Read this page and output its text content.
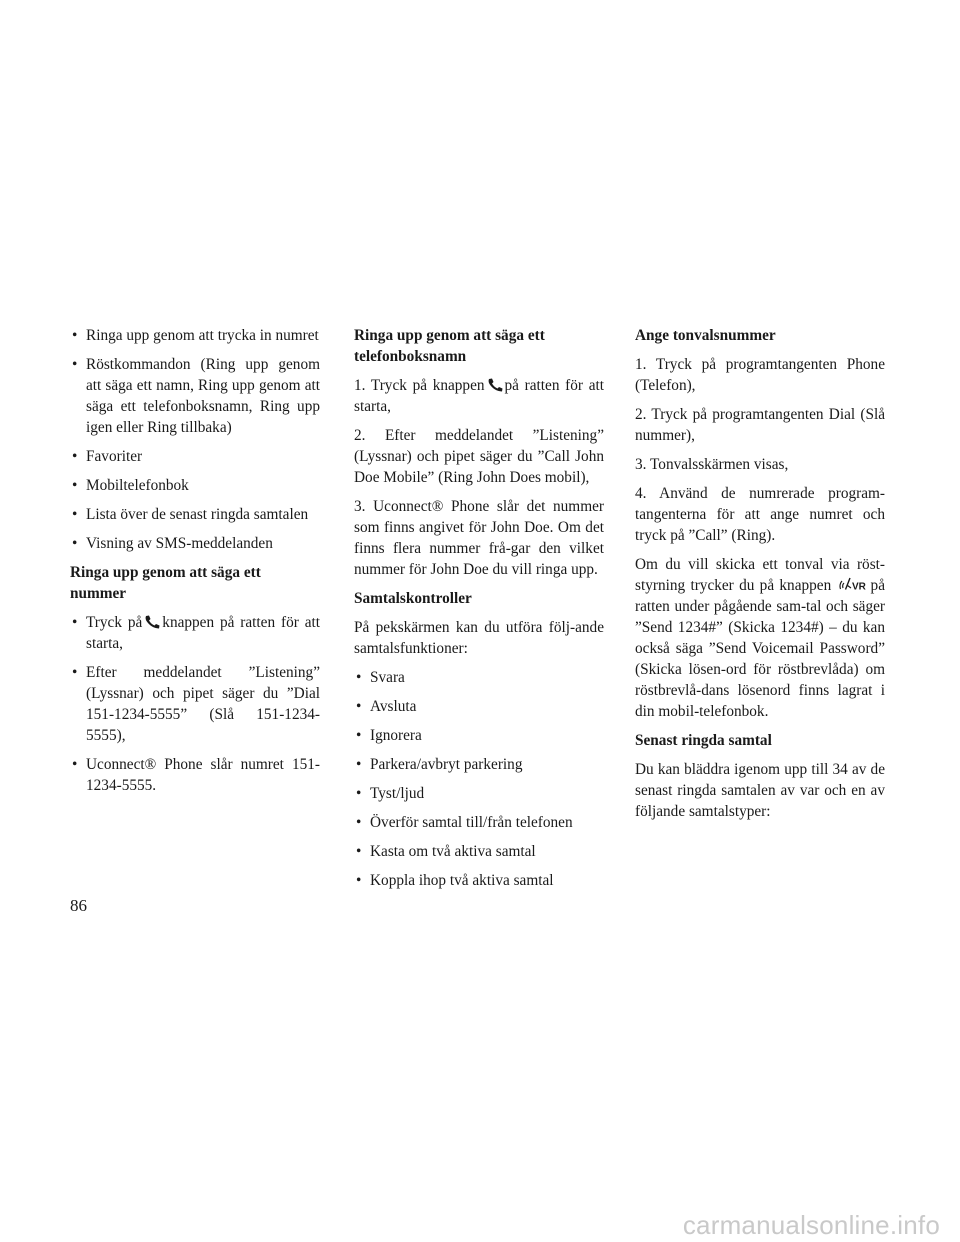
• Ringa upp genom att trycka in numret
• Röstkommandon (Ring upp genom att säga ett namn, Ring upp genom att säga ett telefonboksnamn, Ring upp igen eller Ring tillbaka)
• Favoriter
• Mobiltelefonbok
• Lista över de senast ringda samtalen
• Visning av SMS-meddelanden
Ringa upp genom att säga ett nummer
• Tryck på knappen på ratten för att starta,
• Efter meddelandet ”Listening” (Lyssnar) och pipet säger du ”Dial 151-1234-5555” (Slå 151-1234-5555),
• Uconnect® Phone slår numret 151-1234-5555.
Ringa upp genom att säga ett telefonboksnamn
1. Tryck på knappen på ratten för att starta,
2. Efter meddelandet ”Listening” (Lyssnar) och pipet säger du ”Call John Doe Mobile” (Ring John Does mobil),
3. Uconnect® Phone slår det nummer som finns angivet för John Doe. Om det finns flera nummer frå-gar den vilket nummer för John Doe du vill ringa upp.
Samtalskontroller
På pekskärmen kan du utföra följ-ande samtalsfunktioner:
• Svara
• Avsluta
• Ignorera
• Parkera/avbryt parkering
• Tyst/ljud
• Överför samtal till/från telefonen
• Kasta om två aktiva samtal
• Koppla ihop två aktiva samtal
Ange tonvalsnummer
1. Tryck på programtangenten Phone (Telefon),
2. Tryck på programtangenten Dial (Slå nummer),
3. Tonvalsskärmen visas,
4. Använd de numrerade program-tangenterna för att ange numret och tryck på ”Call” (Ring).
Om du vill skicka ett tonval via röst-styrning trycker du på knappen VR på ratten under pågående sam-tal och säger ”Send 1234#” (Skicka 1234#) – du kan också säga ”Send Voicemail Password” (Skicka lösen-ord för röstbrevlåda) om röstbrevlå-dans lösenord finns lagrat i din mobil-telefonbok.
Senast ringda samtal
Du kan bläddra igenom upp till 34 av de senast ringda samtalen av var och en av följande samtalstyper:
86
carmanualsonline.info
